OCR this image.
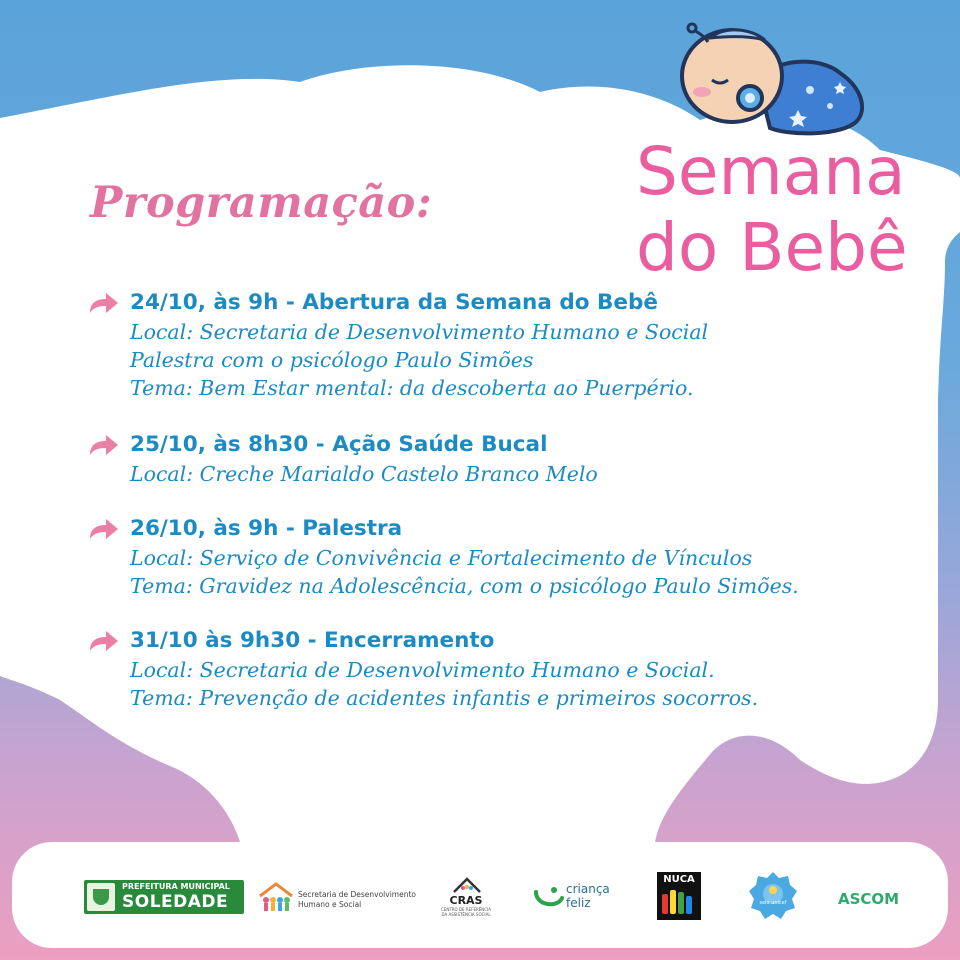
Programação:	Semana
do Bebê
24/10, às 9h - Abertura da Semana do Bebê
Local: Secretaria de Desenvolvimento Humano e Social
Palestra com o psicólogo Paulo Simões
Tema: Bem Estar mental: da descoberta ao Puerpério.
25/10, às 8h30 - Ação Saúde Bucal
Local: Creche Marialdo Castelo Branco Melo
26/10, às 9h - Palestra
Local: Serviço de Convivência e Fortalecimento de Vínculos
Tema: Gravidez na Adolescência, com o psicólogo Paulo Simões.
31/10 às 9h30 - Encerramento
Local: Secretaria de Desenvolvimento Humano e Social.
Tema: Prevenção de acidentes infantis e primeiros socorros.
PREFEITURA MUNICIPAL
SOLEDADE	Secretaria de Desenvolvimento
Humano e Social	CRAS
CENTRO DE REFERÊNCIA
DA ASSISTÊNCIA SOCIAL
criança
feliz
NUCA
selo unicef	ASCOM
